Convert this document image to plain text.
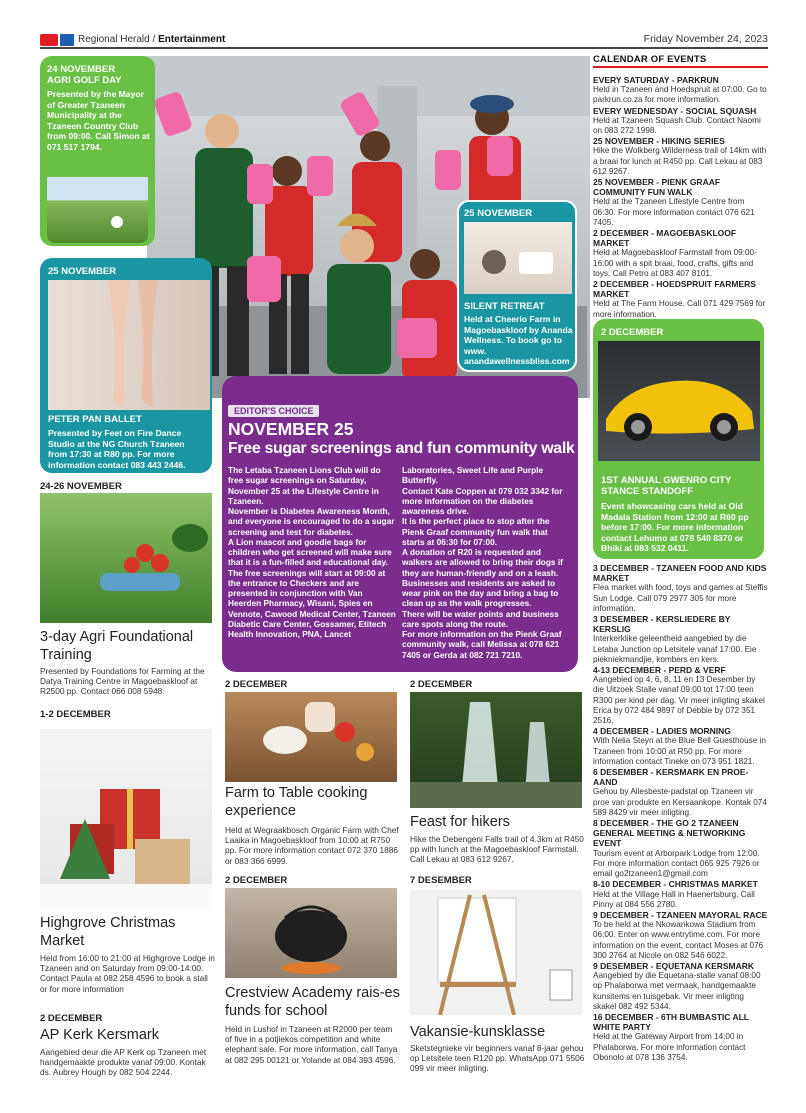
Regional Herald / Entertainment	Friday November 24, 2023
24 NOVEMBER
AGRI GOLF DAY
Presented by the Mayor of Greater Tzaneen Municipality at the Tzaneen Country Club from 09:00. Call Simon at 071 517 1794.
25 NOVEMBER
PETER PAN BALLET
Presented by Feet on Fire Dance Studio at the NG Church Tzaneen from 17:30 at R80 pp. For more information contact 083 443 2446.
25 NOVEMBER
SILENT RETREAT
Held at Cheerio Farm in Magoebaskloof by Ananda Wellness. To book go to www. anandawellnessbliss.com
EDITOR'S CHOICE
NOVEMBER 25
Free sugar screenings and fun community walk
The Letaba Tzaneen Lions Club will do free sugar screenings on Saturday, November 25 at the Lifestyle Centre in Tzaneen.
November is Diabetes Awareness Month, and everyone is encouraged to do a sugar screening and test for diabetes.
A Lion mascot and goodie bags for children who get screened will make sure that it is a fun-filled and educational day.
The free screenings will start at 09:00 at the entrance to Checkers and are presented in conjunction with Van Heerden Pharmacy, Wisani, Spies en Vennote, Cawood Medical Center, Tzaneen Diabetic Care Center, Gossamer, Etitech Health Innovation, PNA, Lancet
Laboratories, Sweet Life and Purple Butterfly.
Contact Kate Coppen at 079 032 3342 for more information on the diabetes awareness drive.
It is the perfect place to stop after the Pienk Graaf community fun walk that starts at 06:30 for 07:00.
A donation of R20 is requested and walkers are allowed to bring their dogs if they are human-friendly and on a leash.
Businesses and residents are asked to wear pink on the day and bring a bag to clean up as the walk progresses.
There will be water points and business care spots along the route.
For more information on the Pienk Graaf community walk, call Melissa at 078 621 7405 or Gerda at 082 721 7210.
2 DECEMBER
1ST ANNUAL GWENRO CITY STANCE STANDOFF
Event showcasing cars held at Old Madala Station from 12:00 at R60 pp before 17:00. For more information contact Lehumo at 078 540 8370 or Bhiki at 083 532 0411.
24-26 NOVEMBER
3-day Agri Foundational Training
Presented by Foundations for Farming at the Datya Training Centre in Magoebaskloof at R2500 pp. Contact 066 008 5948.
1-2 DECEMBER
Highgrove Christmas Market
Held from 16:00 to 21:00 at Highgrove Lodge in Tzaneen and on Saturday from 09:00-14:00. Contact Paula at 082 258 4596 to book a stall or for more information
2 DECEMBER
AP Kerk Kersmark
Aangebied deur die AP Kerk op Tzaneen met handgemaakte produkte vanaf 09:00. Kontak ds. Aubrey Hough by 082 504 2244.
2 DECEMBER
Farm to Table cooking experience
Held at Wegraakbosch Organic Farm with Chef Laaika in Magoebaskloof from 10:00 at R750 pp. For more information contact 072 370 1886 or 083 366 6999.
2 DECEMBER
Crestview Academy rais-es funds for school
Held in Lushof in Tzaneen at R2000 per team of five in a potjiekos competition and white elephant sale. For more information, call Tanya at 082 295 00121 or Yolande at 084 393 4596.
2 DECEMBER
Feast for hikers
Hike the Debengeni Falls trail of 4.3km at R450 pp with lunch at the Magoebaskloof Farmstall. Call Lekau at 083 612 9267.
7 DESEMBER
Vakansie-kunsklasse
Sketstegnieke vir beginners vanaf 8-jaar gehou op Letsitele teen R120 pp. WhatsApp 071 5506 099 vir meer inligting.
CALENDAR OF EVENTS
EVERY SATURDAY - PARKRUN

Held in Tzaneen and Hoedspruit at 07:00. Go to parkrun.co.za for more information.

EVERY WEDNESDAY - SOCIAL SQUASH

Held at Tzaneen Squash Club. Contact Naomi on 083 272 1998.

25 NOVEMBER - HIKING SERIES

Hike the Wolkberg Wilderness trail of 14km with a braai for lunch at R450 pp. Call Lekau at 083 612 9267.

25 NOVEMBER - PIENK GRAAF COMMUNITY FUN WALK

Held at the Tzaneen Lifestyle Centre from 06:30. For more information contact 076 621 7405.

2 DECEMBER - MAGOEBASKLOOF MARKET

Held at Magoebaskloof Farmstall from 09:00-16:00 with a spit braai, food, crafts, gifts and toys. Call Petro at 083 407 8101.

2 DECEMBER - HOEDSPRUIT FARMERS MARKET

Held at The Farm House. Call 071 429 7569 for more information.

3 DECEMBER - TZANEEN FOOD AND KIDS MARKET

Flea market with food, toys and games at Steffis Sun Lodge. Call 079 2977 305 for more information.

3 DESEMBER - KERSLIEDERE BY KERSLIG

Interkerklike geleentheid aangebied by die Letaba Junction op Letsitele vanaf 17:00. Eie piekniekmandjie, kombers en kers.

4-13 DECEMBER - PERD & VERF

Aangebied op 4, 6, 8, 11 en 13 Desember by die Uitzoek Stalle vanaf 09:00 tot 17:00 teen R300 per kind per dag. Vir meer inligting skakel Erica by 072 484 9897 of Debbie by 072 351 2516.

4 DECEMBER - LADIES MORNING

With Nelia Steyn at the Blue Bell Guesthouse in Tzaneen from 10:00 at R50 pp. For more information contact Tineke on 073 951 1821.

6 DESEMBER - KERSMARK EN PROE-AAND

Gehou by Allesbeste-padstal op Tzaneen vir proe van produkte en Kersaankope. Kontak 074 589 8429 vir meer inligting.

8 DECEMBER - THE GO 2 TZANEEN GENERAL MEETING & NETWORKING EVENT

Tourism event at Arborpark Lodge from 12:00. For more information contact 065 925 7926 or email go2tzaneen1@gmail.com

8-10 DECEMBER - CHRISTMAS MARKET

Held at the Village Hall in Haenertsburg. Call Pinny at 084 556 2780.

9 DECEMBER - TZANEEN MAYORAL RACE

To be held at the Nkowankowa Stadium from 06:00. Enter on www.entrytime.com. For more information on the event, contact Moses at 076 300 2764 at Nicole on 082 546 6022.

9 DESEMBER - EQUETANA KERSMARK

Aangebied by die Equetana-stalle vanaf 08:00 op Phalaborwa met vermaak, handgemaakte kunsitems en tuisgebak. Vir meer inligting skakel 082 492 5344.

16 DECEMBER - 6TH BUMBASTIC ALL WHITE PARTY

Held at the Gateway Airport from 14:00 in Phalaborwa. For more information contact Obonolo at 078 136 3754.
